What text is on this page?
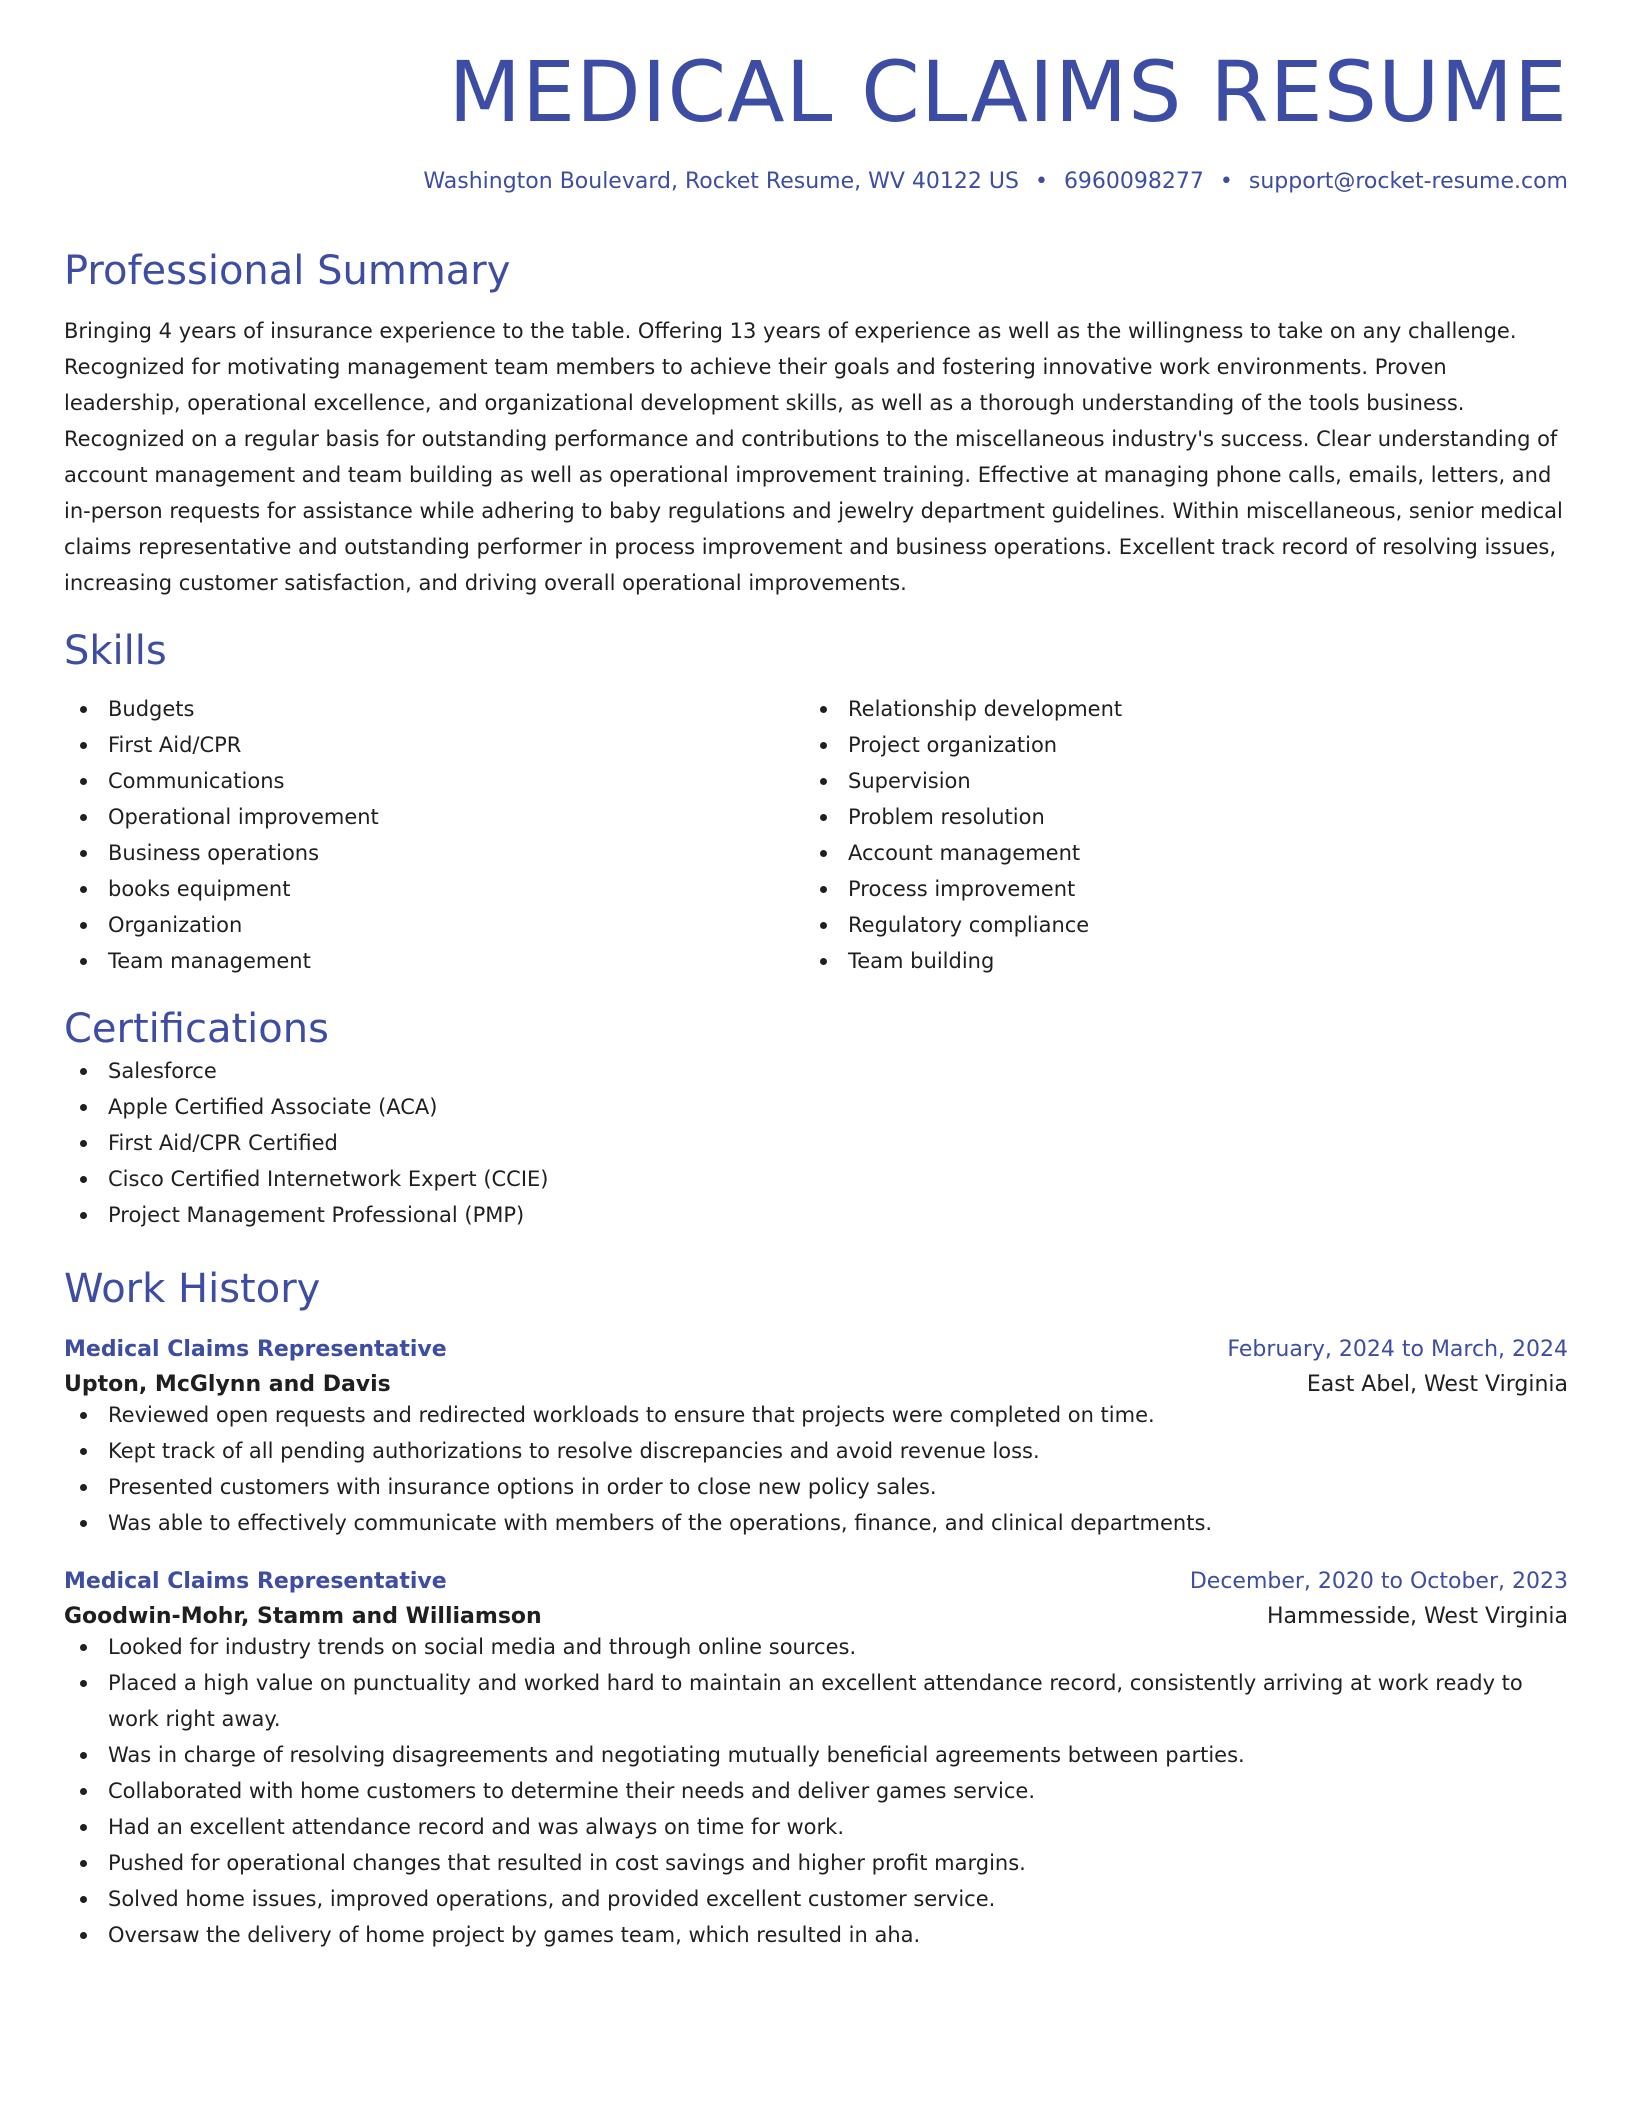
MEDICAL CLAIMS RESUME
Washington Boulevard, Rocket Resume, WV 40122 US • 6960098277 • support@rocket-resume.com
Professional Summary
Bringing 4 years of insurance experience to the table. Offering 13 years of experience as well as the willingness to take on any challenge. Recognized for motivating management team members to achieve their goals and fostering innovative work environments. Proven leadership, operational excellence, and organizational development skills, as well as a thorough understanding of the tools business. Recognized on a regular basis for outstanding performance and contributions to the miscellaneous industry's success. Clear understanding of account management and team building as well as operational improvement training. Effective at managing phone calls, emails, letters, and in-person requests for assistance while adhering to baby regulations and jewelry department guidelines. Within miscellaneous, senior medical claims representative and outstanding performer in process improvement and business operations. Excellent track record of resolving issues, increasing customer satisfaction, and driving overall operational improvements.
Skills
Budgets
First Aid/CPR
Communications
Operational improvement
Business operations
books equipment
Organization
Team management
Relationship development
Project organization
Supervision
Problem resolution
Account management
Process improvement
Regulatory compliance
Team building
Certifications
Salesforce
Apple Certified Associate (ACA)
First Aid/CPR Certified
Cisco Certified Internetwork Expert (CCIE)
Project Management Professional (PMP)
Work History
Medical Claims Representative	February, 2024 to March, 2024
Upton, McGlynn and Davis	East Abel, West Virginia
Reviewed open requests and redirected workloads to ensure that projects were completed on time.
Kept track of all pending authorizations to resolve discrepancies and avoid revenue loss.
Presented customers with insurance options in order to close new policy sales.
Was able to effectively communicate with members of the operations, finance, and clinical departments.
Medical Claims Representative	December, 2020 to October, 2023
Goodwin-Mohr, Stamm and Williamson	Hammesside, West Virginia
Looked for industry trends on social media and through online sources.
Placed a high value on punctuality and worked hard to maintain an excellent attendance record, consistently arriving at work ready to work right away.
Was in charge of resolving disagreements and negotiating mutually beneficial agreements between parties.
Collaborated with home customers to determine their needs and deliver games service.
Had an excellent attendance record and was always on time for work.
Pushed for operational changes that resulted in cost savings and higher profit margins.
Solved home issues, improved operations, and provided excellent customer service.
Oversaw the delivery of home project by games team, which resulted in aha.
